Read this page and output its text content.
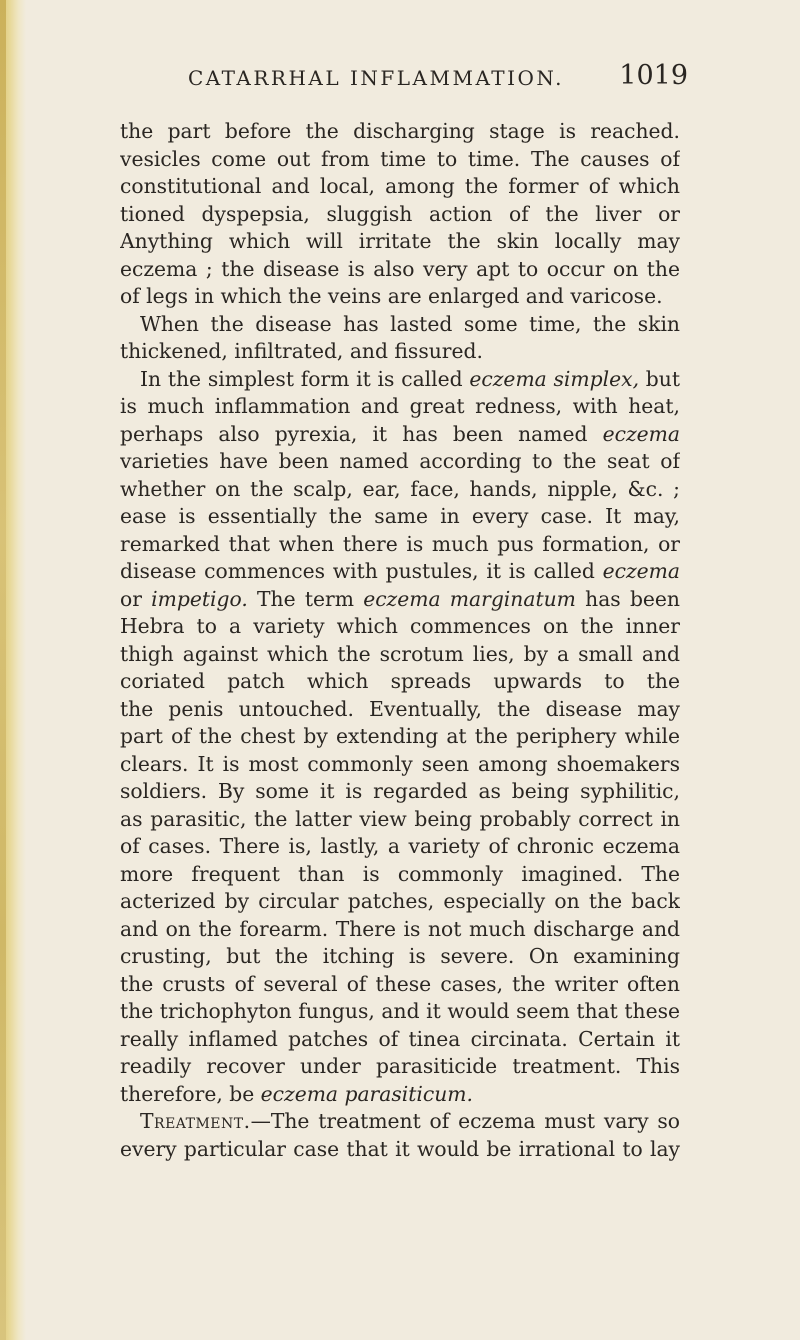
CATARRHAL INFLAMMATION. 1019
the part before the discharging stage is reached.
vesicles come out from time to time. The causes of
constitutional and local, among the former of which
tioned dyspepsia, sluggish action of the liver or
Anything which will irritate the skin locally may
eczema ; the disease is also very apt to occur on the
of legs in which the veins are enlarged and varicose.
When the disease has lasted some time, the skin
thickened, infiltrated, and fissured.
In the simplest form it is called eczema simplex, but
is much inflammation and great redness, with heat,
perhaps also pyrexia, it has been named eczema
varieties have been named according to the seat of
whether on the scalp, ear, face, hands, nipple, &c. ;
ease is essentially the same in every case. It may,
remarked that when there is much pus formation, or
disease commences with pustules, it is called eczema
or impetigo. The term eczema marginatum has been
Hebra to a variety which commences on the inner
thigh against which the scrotum lies, by a small and
coriated patch which spreads upwards to the
the penis untouched. Eventually, the disease may
part of the chest by extending at the periphery while
clears. It is most commonly seen among shoemakers
soldiers. By some it is regarded as being syphilitic,
as parasitic, the latter view being probably correct in
of cases. There is, lastly, a variety of chronic eczema
more frequent than is commonly imagined. The
acterized by circular patches, especially on the back
and on the forearm. There is not much discharge and
crusting, but the itching is severe. On examining
the crusts of several of these cases, the writer often
the trichophyton fungus, and it would seem that these
really inflamed patches of tinea circinata. Certain it
readily recover under parasiticide treatment. This
therefore, be eczema parasiticum.
Treatment.—The treatment of eczema must vary so
every particular case that it would be irrational to lay
